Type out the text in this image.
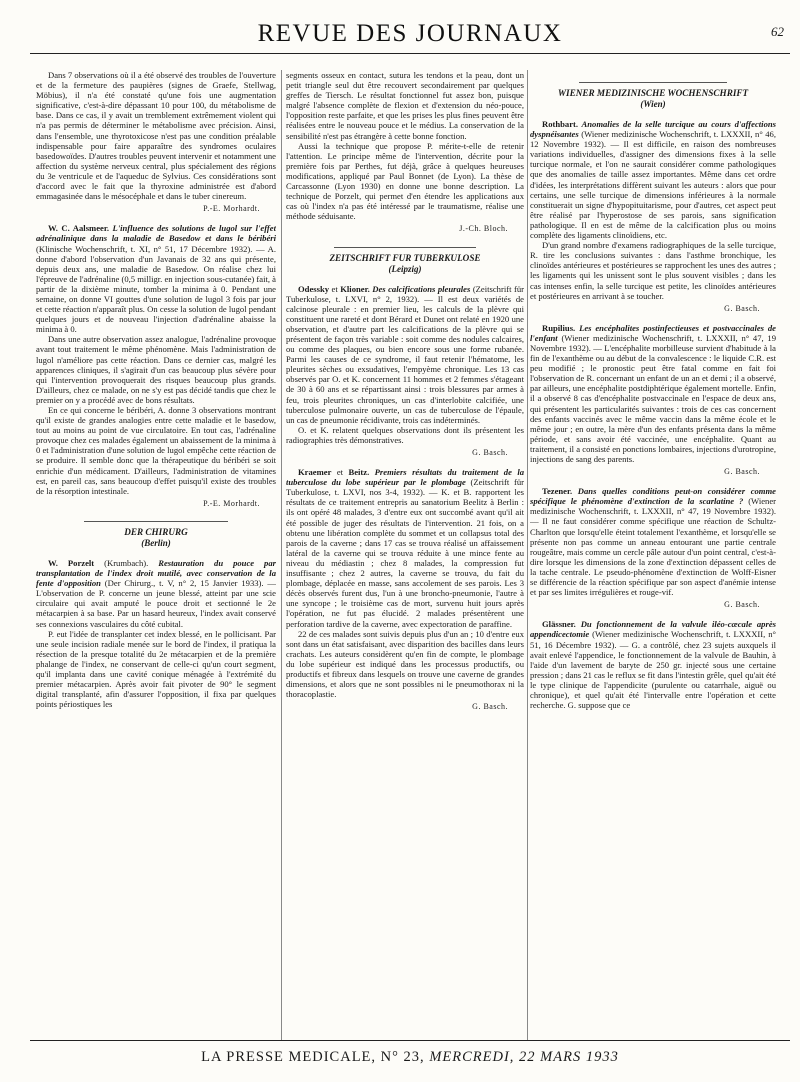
REVUE DES JOURNAUX	62

Dans 7 observations où il a été observé des troubles de l'ouverture et de la fermeture des paupières (signes de Graefe, Stellwag, Möbius), il n'a été constaté qu'une fois une augmentation significative, c'est-à-dire dépassant 10 pour 100, du métabolisme de base. Dans ce cas, il y avait un tremblement extrêmement violent qui n'a pas permis de déterminer le métabolisme avec précision. Ainsi, dans l'ensemble, une thyrotoxicose n'est pas une condition préalable indispensable pour faire apparaître des syndromes oculaires basedowoïdes. D'autres troubles peuvent intervenir et notamment une affection du système nerveux central, plus spécialement des régions du 3e ventricule et de l'aqueduc de Sylvius. Ces considérations sont d'accord avec le fait que la thyroxine administrée est d'abord emmagasinée dans le mésocéphale et dans le tuber cinereum.

P.-E. Morhardt.

W. C. Aalsmeer. L'influence des solutions de lugol sur l'effet adrénalinique dans la maladie de Basedow et dans le béribéri (Klinische Wochenschrift, t. XI, n° 51, 17 Décembre 1932). — A. donne d'abord l'observation d'un Javanais de 32 ans qui présente, depuis deux ans, une maladie de Basedow. On réalise chez lui l'épreuve de l'adrénaline (0,5 milligr. en injection sous-cutanée) fait, à partir de la dixième minute, tomber la minima à 0. Pendant une semaine, on donne VI gouttes d'une solution de lugol 3 fois par jour et cette réaction n'apparaît plus. On cesse la solution de lugol pendant quelques jours et de nouveau l'injection d'adrénaline abaisse la minima à 0.

Dans une autre observation assez analogue, l'adrénaline provoque avant tout traitement le même phénomène. Mais l'administration de lugol n'améliore pas cette réaction. Dans ce dernier cas, malgré les apparences cliniques, il s'agirait d'un cas beaucoup plus sévère pour qui l'intervention provoquerait des risques beaucoup plus grands. D'ailleurs, chez ce malade, on ne s'y est pas décidé tandis que chez le premier on y a procédé avec de bons résultats.

En ce qui concerne le béribéri, A. donne 3 observations montrant qu'il existe de grandes analogies entre cette maladie et le basedow, tout au moins au point de vue circulatoire. En tout cas, l'adrénaline provoque chez ces malades également un abaissement de la minima à 0 et l'administration d'une solution de lugol empêche cette réaction de se produire. Il semble donc que la thérapeutique du béribéri se soit enrichie d'un médicament. D'ailleurs, l'administration de vitamines est, en pareil cas, sans beaucoup d'effet puisqu'il existe des troubles de la résorption intestinale.

P.-E. Morhardt.
DER CHIRURG
(Berlin)

W. Porzelt (Krumbach). Restauration du pouce par transplantation de l'index droit mutilé, avec conservation de la fente d'opposition (Der Chirurg., t. V, n° 2, 15 Janvier 1933). — L'observation de P. concerne un jeune blessé, atteint par une scie circulaire qui avait amputé le pouce droit et sectionné le 2e métacarpien à sa base. Par un hasard heureux, l'index avait conservé ses connexions vasculaires du côté cubital.

P. eut l'idée de transplanter cet index blessé, en le pollicisant. Par une seule incision radiale menée sur le bord de l'index, il pratiqua la résection de la presque totalité du 2e métacarpien et de la première phalange de l'index, ne conservant de celle-ci qu'un court segment, qu'il implanta dans une cavité conique ménagée à l'extrémité du premier métacarpien. Après avoir fait pivoter de 90° le segment digital transplanté, afin d'assurer l'opposition, il fixa par quelques points périostiques les

segments osseux en contact, sutura les tendons et la peau, dont un petit triangle seul dut être recouvert secondairement par quelques greffes de Tiersch. Le résultat fonctionnel fut assez bon, puisque malgré l'absence complète de flexion et d'extension du néo-pouce, l'opposition reste parfaite, et que les prises les plus fines peuvent être réalisées entre le nouveau pouce et le médius. La conservation de la sensibilité n'est pas étrangère à cette bonne fonction.

Aussi la technique que propose P. mérite-t-elle de retenir l'attention. Le principe même de l'intervention, décrite pour la première fois par Perthes, fut déjà, grâce à quelques heureuses modifications, appliqué par Paul Bonnet (de Lyon). La thèse de Carcassonne (Lyon 1930) en donne une bonne description. La technique de Porzelt, qui permet d'en étendre les applications aux cas où l'index n'a pas été intéressé par le traumatisme, réalise une méthode séduisante.

J.-Ch. Bloch.
ZEITSCHRIFT FUR TUBERKULOSE
(Leipzig)

Odessky et Klioner. Des calcifications pleurales (Zeitschrift für Tuberkulose, t. LXVI, n° 2, 1932). — Il est deux variétés de calcinose pleurale : en premier lieu, les calculs de la plèvre qui constituent une rareté et dont Bérard et Dunet ont relaté en 1920 une observation, et d'autre part les calcifications de la plèvre qui se présentent de façon très variable : soit comme des nodules calcaires, ou comme des plaques, ou bien encore sous une forme rubanée. Parmi les causes de ce syndrome, il faut retenir l'hématome, les pleurites sèches ou exsudatives, l'empyème chronique. Les 13 cas observés par O. et K. concernent 11 hommes et 2 femmes s'étageant de 30 à 60 ans et se répartissant ainsi : trois blessures par armes à feu, trois pleurites chroniques, un cas d'interlobite calcifiée, une tuberculose pulmonaire ouverte, un cas de tuberculose de l'épaule, un cas de pneumonie récidivante, trois cas indéterminés.

O. et K. relatent quelques observations dont ils présentent les radiographies très démonstratives.

G. Basch.

Kraemer et Beitz. Premiers résultats du traitement de la tuberculose du lobe supérieur par le plombage (Zeitschrift für Tuberkulose, t. LXVI, nos 3-4, 1932). — K. et B. rapportent les résultats de ce traitement entrepris au sanatorium Beelitz à Berlin : ils ont opéré 48 malades, 3 d'entre eux ont succombé avant qu'il ait été possible de juger des résultats de l'intervention. 21 fois, on a obtenu une libération complète du sommet et un collapsus total des parois de la caverne ; dans 17 cas se trouva réalisé un affaissement latéral de la caverne qui se trouva réduite à une mince fente au niveau du médiastin ; chez 8 malades, la compression fut insuffisante ; chez 2 autres, la caverne se trouva, du fait du plombage, déplacée en masse, sans accolement de ses parois. Les 3 décès observés furent dus, l'un à une broncho-pneumonie, l'autre à une syncope ; le troisième cas de mort, survenu huit jours après l'opération, ne fut pas élucidé. 2 malades présentèrent une perforation tardive de la caverne, avec expectoration de paraffine.

22 de ces malades sont suivis depuis plus d'un an ; 10 d'entre eux sont dans un état satisfaisant, avec disparition des bacilles dans leurs crachats. Les auteurs considèrent qu'en fin de compte, le plombage du lobe supérieur est indiqué dans les processus productifs, ou productifs et fibreux dans lesquels on trouve une caverne de grandes dimensions, et alors que ne sont possibles ni le pneumothorax ni la thoracoplastie.

G. Basch.
WIENER MEDIZINISCHE WOCHENSCHRIFT
(Wien)

Rothbart. Anomalies de la selle turcique au cours d'affections dyspnéisantes (Wiener medizinische Wochenschrift, t. LXXXII, n° 46, 12 Novembre 1932). — Il est difficile, en raison des nombreuses variations individuelles, d'assigner des dimensions fixes à la selle turcique normale, et l'on ne saurait considérer comme pathologiques que des anomalies de taille assez importantes. Même dans cet ordre d'idées, les interprétations diffèrent suivant les auteurs : alors que pour certains, une selle turcique de dimensions inférieures à la normale constituerait un signe d'hypopituitarisme, pour d'autres, cet aspect peut être réalisé par l'hyperostose de ses parois, sans signification pathologique. Il en est de même de la calcification plus ou moins complète des ligaments clinoïdiens, etc.

D'un grand nombre d'examens radiographiques de la selle turcique, R. tire les conclusions suivantes : dans l'asthme bronchique, les clinoïdes antérieures et postérieures se rapprochent les unes des autres ; les ligaments qui les unissent sont le plus souvent visibles ; dans les cas intenses enfin, la selle turcique est petite, les clinoïdes antérieures et postérieures en arrivant à se toucher.

G. Basch.

Rupilius. Les encéphalites postinfectieuses et postvaccinales de l'enfant (Wiener medizinische Wochenschrift, t. LXXXII, n° 47, 19 Novembre 1932). — L'encéphalite morbilleuse survient d'habitude à la fin de l'exanthème ou au début de la convalescence : le liquide C.R. est peu modifié ; le pronostic peut être fatal comme en fait foi l'observation de R. concernant un enfant de un an et demi ; il a observé, par ailleurs, une encéphalite postdiphtérique également mortelle. Enfin, il a observé 8 cas d'encéphalite postvaccinale en l'espace de deux ans, qui présentent les particularités suivantes : trois de ces cas concernent des enfants vaccinés avec le même vaccin dans la même école et le même jour ; en outre, la mère d'un des enfants présenta dans la même période, et sans avoir été vaccinée, une encéphalite. Quant au traitement, il a consisté en ponctions lombaires, injections d'urotropine, injections de sang des parents.

G. Basch.

Tezener. Dans quelles conditions peut-on considérer comme spécifique le phénomène d'extinction de la scarlatine ? (Wiener medizinische Wochenschrift, t. LXXXII, n° 47, 19 Novembre 1932). — Il ne faut considérer comme spécifique une réaction de Schultz-Charlton que lorsqu'elle éteint totalement l'exanthème, et lorsqu'elle se présente non pas comme un anneau entourant une partie centrale rougeâtre, mais comme un cercle pâle autour d'un point central, c'est-à-dire lorsque les dimensions de la zone d'extinction dépassent celles de la tache centrale. Le pseudo-phénomène d'extinction de Wolff-Eisner se différencie de la réaction spécifique par son aspect d'anémie intense et par ses limites irrégulières et rouge-vif.

G. Basch.

Glässner. Du fonctionnement de la valvule iléo-cæcale après appendicectomie (Wiener medizinische Wochenschrift, t. LXXXII, n° 51, 16 Décembre 1932). — G. a contrôlé, chez 23 sujets auxquels il avait enlevé l'appendice, le fonctionnement de la valvule de Bauhin, à l'aide d'un lavement de baryte de 250 gr. injecté sous une certaine pression ; dans 21 cas le reflux se fit dans l'intestin grêle, quel qu'ait été le type clinique de l'appendicite (purulente ou catarrhale, aiguë ou chronique), et quel qu'ait été l'intervalle entre l'opération et cette recherche. G. suppose que ce

LA PRESSE MEDICALE, N° 23, MERCREDI, 22 MARS 1933
